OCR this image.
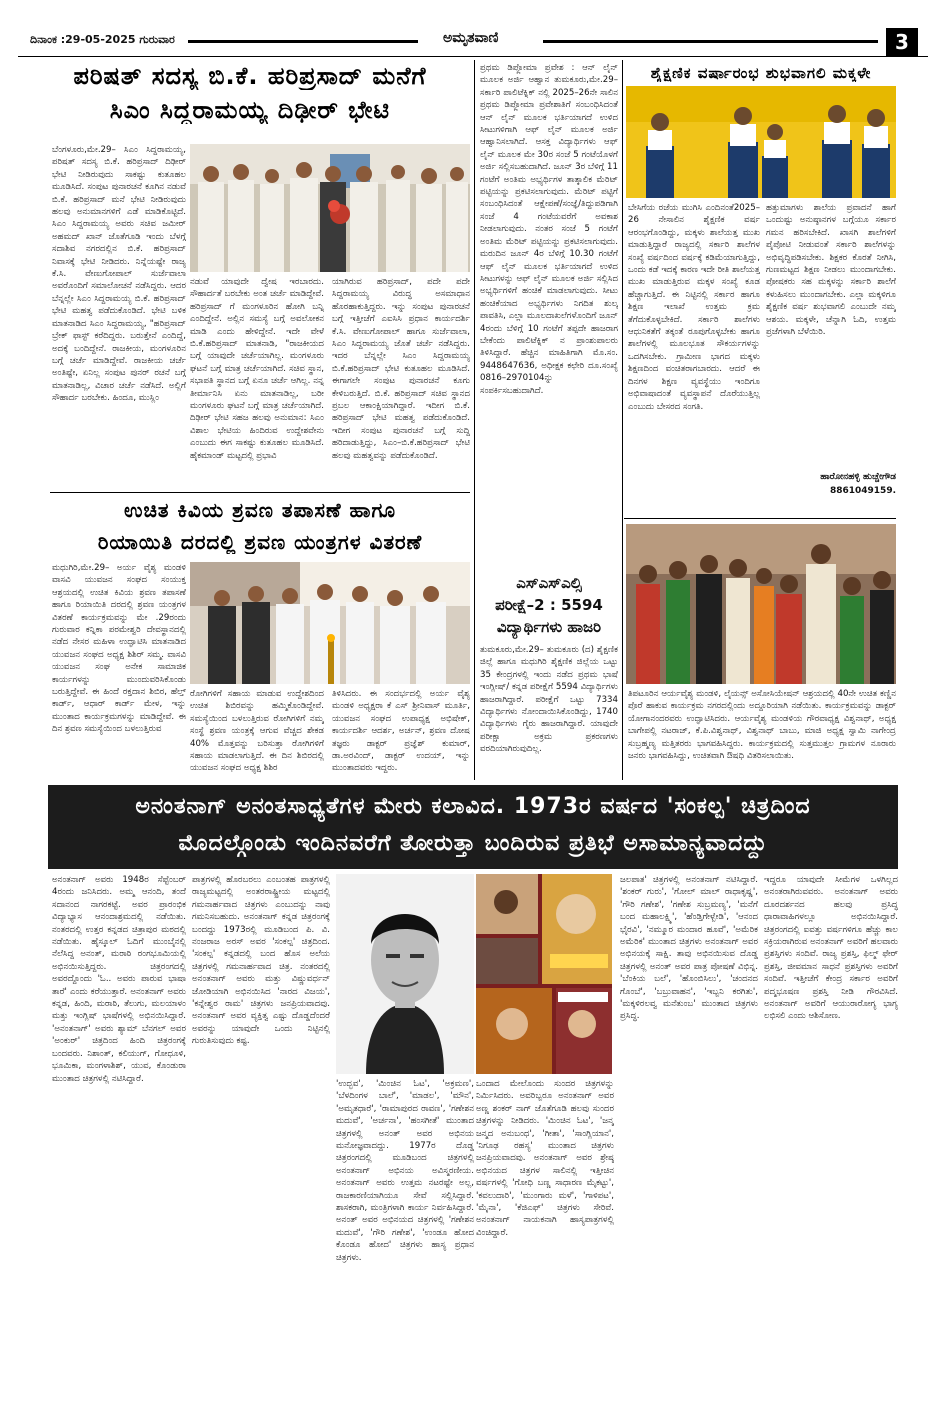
ದಿನಾಂಕ :29-05-2025 ಗುರುವಾರ	ಅಮೃತವಾಣಿ	3
ಪರಿಷತ್ ಸದಸ್ಯ ಬಿ.ಕೆ. ಹರಿಪ್ರಸಾದ್ ಮನೆಗೆ
ಸಿಎಂ ಸಿದ್ದರಾಮಯ್ಯ ದಿಢೀರ್ ಭೇಟಿ
ಬೆಂಗಳೂರು,ಮೇ.29– ಸಿಎಂ ಸಿದ್ದರಾಮಯ್ಯ, ಪರಿಷತ್ ಸದಸ್ಯ ಬಿ.ಕೆ. ಹರಿಪ್ರಸಾದ್ ದಿಢೀರ್ ಭೇಟಿ ನೀಡಿರುವುದು ಸಾಕಷ್ಟು ಕುತೂಹಲ ಮೂಡಿಸಿದೆ. ಸಂಪುಟ ಪುನಾರಚನೆ ಕೂಗಿನ ನಡುವೆ ಬಿ.ಕೆ. ಹರಿಪ್ರಸಾದ್ ಮನೆ ಭೇಟಿ ನೀಡಿರುವುದು ಹಲವು ಅನುಮಾನಗಳಿಗೆ ಎಡೆ ಮಾಡಿಕೊಟ್ಟಿದೆ. ಸಿಎಂ ಸಿದ್ದರಾಮಯ್ಯ ಅವರು ಸಚಿವ ಜಮೀರ್ ಅಹಮದ್ ಖಾನ್ ಜೊತೆಗೂಡಿ ಇಂದು ಬೆಳಗ್ಗೆ ಸದಾಶಿವ ನಗರದಲ್ಲಿನ ಬಿ.ಕೆ. ಹರಿಪ್ರಸಾದ್ ನಿವಾಸಕ್ಕೆ ಭೇಟಿ ನೀಡಿದರು. ನಿನ್ನೆಯಷ್ಟೇ ರಾಜ್ಯ ಕೆ.ಸಿ. ವೇಣುಗೋಪಾಲ್ ಸುರ್ಜೆವಾಲಾ ಅವರೊಂದಿಗೆ ಸಮಾಲೋಚನೆ ನಡೆಸಿದ್ದರು. ಆದರ ಬೆನ್ನಲ್ಲೇ ಸಿಎಂ ಸಿದ್ದರಾಮಯ್ಯ ಬಿ.ಕೆ. ಹರಿಪ್ರಸಾದ್ ಭೇಟಿ ಮಹತ್ವ ಪಡೆದುಕೊಂಡಿದೆ. ಭೇಟಿ ಬಳಿಕ ಮಾತನಾಡಿದ ಸಿಎಂ ಸಿದ್ದರಾಮಯ್ಯ, "ಹರಿಪ್ರಸಾದ್ ಬ್ರೇಕ್ ಫಾಸ್ಟ್ ಕರೆದಿದ್ದರು. ಬರುತ್ತೇನೆ ಎಂದಿದ್ದೆ, ಅದಕ್ಕೆ ಬಂದಿದ್ದೇನೆ. ರಾಜಕೀಯ, ಮಂಗಳೂರಿನ ಬಗ್ಗೆ ಚರ್ಚೆ ಮಾಡಿದ್ದೇವೆ. ರಾಜಕೀಯ ಚರ್ಚೆ ಅಂತಿಷ್ಟೇ, ಏನಿಲ್ಲ ಸಂಪುಟ ಪುನರ್ ರಚನೆ ಬಗ್ಗೆ ಮಾತನಾಡಿಲ್ಲ, ವಿಚಾರ ಚರ್ಚೆ ನಡೆಸಿದೆ. ಅಲ್ಲಿಗೆ ಸೌಹಾರ್ದ ಬರಬೇಕು. ಹಿಂದೂ, ಮುಸ್ಲಿಂ
ನಡುವೆ ಯಾವುದೇ ದ್ವೇಷ ಇರಬಾರದು. ಸೌಹಾರ್ದತೆ ಬರಬೇಕು ಅಂತ ಚರ್ಚೆ ಮಾಡಿದ್ದೇವೆ. ಹರಿಪ್ರಸಾದ್ ಗೆ ಮಂಗಳೂರಿನ ಹೋಗಿ ಬನ್ನಿ ಎಂದಿದ್ದೇನೆ. ಅಲ್ಲಿನ ಸಮಸ್ಯೆ ಬಗ್ಗೆ ಅವಲೋಕನ ಮಾಡಿ ಎಂದು ಹೇಳಿದ್ದೇನೆ. ಇದೇ ವೇಳೆ ಬಿ.ಕೆ.ಹರಿಪ್ರಸಾದ್ ಮಾತನಾಡಿ, "ರಾಜಕೀಯದ ಬಗ್ಗೆ ಯಾವುದೇ ಚರ್ಚೆಯಾಗಿಲ್ಲ. ಮಂಗಳೂರು ಘಟನೆ ಬಗ್ಗೆ ಮಾತ್ರ ಚರ್ಚೆಯಾಗಿದೆ. ಸಚಿವ ಸ್ಥಾನ, ಸಭಾಪತಿ ಸ್ಥಾನದ ಬಗ್ಗೆ ಏನೂ ಚರ್ಚೆ ಆಗಿಲ್ಲ. ನನ್ನ ತೀರ್ಮಾನಿಸಿ ಏನು ಮಾತನಾಡಿಲ್ಲ, ಬರೀ ಮಂಗಳೂರು ಘಟನೆ ಬಗ್ಗೆ ಮಾತ್ರ ಚರ್ಚೆಯಾಗಿದೆ. ದಿಢೀರ್ ಭೇಟಿ ಸಹಜ ಹಲವು ಅನುಮಾನ: ಸಿಎಂ ವಿಶಾಲ ಭೇಟಿಯ ಹಿಂದಿರುವ ಉದ್ದೇಶವೇನು ಎಂಬುದು ಈಗ ಸಾಕಷ್ಟು ಕುತೂಹಲ ಮೂಡಿಸಿದೆ. ಹೈಕಮಾಂಡ್ ಮಟ್ಟದಲ್ಲಿ ಪ್ರಭಾವಿ
ಯಾಗಿರುವ ಹರಿಪ್ರಸಾದ್, ಪದೇ ಪದೇ ಸಿದ್ದರಾಮಯ್ಯ ವಿರುದ್ಧ ಅಸಮಾಧಾನ ಹೊರಹಾಕುತ್ತಿದ್ದರು. ಇನ್ನು ಸಂಪುಟ ಪುನಾರಚನೆ ಬಗ್ಗೆ ಇತ್ತೀಚೆಗೆ ಎಐಸಿಸಿ ಪ್ರಧಾನ ಕಾರ್ಯದರ್ಶಿ ಕೆ.ಸಿ. ವೇಣುಗೋಪಾಲ್ ಹಾಗೂ ಸುರ್ಜೆವಾಲಾ, ಸಿಎಂ ಸಿದ್ದರಾಮಯ್ಯ ಜೊತೆ ಚರ್ಚೆ ನಡೆಸಿದ್ದರು. ಇದರ ಬೆನ್ನಲ್ಲೇ ಸಿಎಂ ಸಿದ್ದರಾಮಯ್ಯ ಬಿ.ಕೆ.ಹರಿಪ್ರಸಾದ್ ಭೇಟಿ ಕುತೂಹಲ ಮೂಡಿಸಿದೆ. ಈಗಾಗಲೇ ಸಂಪುಟ ಪುನಾರಚನೆ ಕೂಗು ಕೇಳಿಬರುತ್ತಿದೆ. ಬಿ.ಕೆ. ಹರಿಪ್ರಸಾದ್ ಸಚಿವ ಸ್ಥಾನದ ಪ್ರಬಲ ಆಕಾಂಕ್ಷಿಯಾಗಿದ್ದಾರೆ. ಇದೀಗ ಬಿ.ಕೆ. ಹರಿಪ್ರಸಾದ್ ಭೇಟಿ ಮಹತ್ವ ಪಡೆದುಕೊಂಡಿದೆ. ಇದೀಗ ಸಂಪುಟ ಪುನಾರಚನೆ ಬಗ್ಗೆ ಸುದ್ದಿ ಹರಿದಾಡುತ್ತಿದ್ದು, ಸಿಎಂ–ಬಿ.ಕೆ.ಹರಿಪ್ರಸಾದ್ ಭೇಟಿ ಹಲವು ಮಹತ್ವವನ್ನು ಪಡೆದುಕೊಂಡಿದೆ.
ಉಚಿತ ಕಿವಿಯ ಶ್ರವಣ ತಪಾಸಣೆ ಹಾಗೂ
ರಿಯಾಯಿತಿ ದರದಲ್ಲಿ ಶ್ರವಣ ಯಂತ್ರಗಳ ವಿತರಣೆ
ಮಧುಗಿರಿ,ಮೇ.29– ಅರ್ಯ ವೈಶ್ಯ ಮಂಡಳಿ ವಾಸವಿ ಯುವಜನ ಸಂಘದ ಸಂಯುಕ್ತ ಆಶ್ರಯದಲ್ಲಿ ಉಚಿತ ಕಿವಿಯ ಶ್ರವಣ ತಪಾಸಣೆ ಹಾಗೂ ರಿಯಾಯಿತಿ ದರದಲ್ಲಿ ಶ್ರವಣ ಯಂತ್ರಗಳ ವಿತರಣೆ ಕಾರ್ಯಕ್ರಮವನ್ನು ಮೇ .29ರಂದು ಗುರುವಾರ ಕನ್ನಿಕಾ ಪರಮೇಶ್ವರಿ ದೇವಸ್ಥಾನದಲ್ಲಿ ನಡೆದ ನೇಸರ ಮಹಿಳಾ ಉದ್ಘಾಟಿಸಿ ಮಾತನಾಡಿದ ಯುವಜನ ಸಂಘದ ಅಧ್ಯಕ್ಷ ಶಿಶಿರ್ ಸಮ್ಮ. ವಾಸವಿ ಯುವಜನ ಸಂಘ ಅನೇಕ ಸಾಮಾಜಿಕ ಕಾರ್ಯಗಳನ್ನು ಮುಂದುವರಿಸಿಕೊಂಡು ಬರುತ್ತಿದ್ದೇವೆ. ಈ ಹಿಂದೆ ರಕ್ತದಾನ ಶಿಬಿರ, ಹೆಲ್ತ್ ಕಾರ್ಡ್, ಆಧಾರ್ ಕಾರ್ಡ್ ಮೇಳ, ಇನ್ನು ಮುಂತಾದ ಕಾರ್ಯಕ್ರಮಗಳನ್ನು ಮಾಡಿದ್ದೇವೆ. ಈ ದಿನ ಶ್ರವಣ ಸಮಸ್ಯೆಯಿಂದ ಬಳಲುತ್ತಿರುವ
ರೋಗಿಗಳಿಗೆ ಸಹಾಯ ಮಾಡುವ ಉದ್ದೇಶದಿಂದ ಉಚಿತ ಶಿಬಿರವನ್ನು ಹಮ್ಮಿಕೊಂಡಿದ್ದೇವೆ. ಸಮಸ್ಯೆಯಿಂದ ಬಳಲುತ್ತಿರುವ ರೋಗಿಗಳಿಗೆ ನಮ್ಮ ಸಂಸ್ಥೆ ಶ್ರವಣ ಯಂತ್ರಕ್ಕೆ ಆಗುವ ವೆಚ್ಚದ ಶೇಕಡ 40% ಮೊತ್ತವನ್ನು ಬರಿಸುತ್ತಾ ರೋಗಿಗಳಿಗೆ ಸಹಾಯ ಮಾಡಲಾಗುತ್ತಿದೆ. ಈ ದಿನ ಶಿಬಿರದಲ್ಲಿ ಯುವಜನ ಸಂಘದ ಅಧ್ಯಕ್ಷ ಶಿಶಿರ
ತಿಳಿಸಿದರು. ಈ ಸಂದರ್ಭದಲ್ಲಿ ಅರ್ಯ ವೈಶ್ಯ ಮಂಡಳಿ ಅಧ್ಯಕ್ಷರಾ ಕೆ ಎಸ್ ಶ್ರೀನಿವಾಸ್ ಮೂರ್ತಿ, ಯುವಜನ ಸಂಘದ ಉಪಾಧ್ಯಕ್ಷ ಅಭಿಷೇಕ್, ಕಾರ್ಯದರ್ಶಿ ಆದರ್ಶ, ಅರ್ಚನ್, ಶ್ರವಣ ದೋಷ ತಜ್ಞರು ಡಾಕ್ಟರ್ ಪ್ರಜ್ಞೆಶ್ ಕುಮಾರ್, ಡಾ.ಅರವಿಂದ್, ಡಾಕ್ಟರ್ ಉದಯ್, ಇನ್ನು ಮುಂತಾದವರು ಇದ್ದರು.
ಪ್ರಥಮ ಡಿಪ್ಲೋಮಾ ಪ್ರವೇಶ : ಆನ್ ಲೈನ್ ಮೂಲಕ ಅರ್ಜಿ ಆಹ್ವಾನ ತುಮಕೂರು,ಮೇ.29– ಸರ್ಕಾರಿ ಪಾಲಿಟೆಕ್ನಿಕ್ ನಲ್ಲಿ 2025–26ನೇ ಸಾಲಿನ ಪ್ರಥಮ ಡಿಪ್ಲೋಮಾ ಪ್ರವೇಶಾತಿಗೆ ಸಂಬಂಧಿಸಿದಂತೆ ಆನ್ ಲೈನ್ ಮೂಲಕ ಭರ್ತಿಯಾಗದೆ ಉಳಿದ ಸೀಟುಗಳಿಗಾಗಿ ಆಫ್ ಲೈನ್ ಮೂಲಕ ಅರ್ಜಿ ಆಹ್ವಾನಿಸಲಾಗಿದೆ. ಆಸಕ್ತ ವಿದ್ಯಾರ್ಥಿಗಳು ಆಫ್ ಲೈನ್ ಮೂಲಕ ಮೇ 30ರ ಸಂಜೆ 5 ಗಂಟೆಯೊಳಗೆ ಅರ್ಜಿ ಸಲ್ಲಿಸಬಹುದಾಗಿದೆ. ಜೂನ್ 3ರ ಬೆಳಿಗ್ಗೆ 11 ಗಂಟೆಗೆ ಅಂತಿಮ ಅಭ್ಯರ್ಥಿಗಳ ತಾತ್ಕಾಲಿಕ ಮೆರಿಟ್ ಪಟ್ಟಿಯನ್ನು ಪ್ರಕಟಿಸಲಾಗುವುದು. ಮೆರಿಟ್ ಪಟ್ಟಿಗೆ ಸಂಬಂಧಿಸಿದಂತೆ ಆಕ್ಷೇಪಣೆ/ಸಂಜ್ಞೆ/ತಿದ್ದುಪಡಿಗಾಗಿ ಸಂಜೆ 4 ಗಂಟೆಯವರೆಗೆ ಅವಕಾಶ ನೀಡಲಾಗುವುದು. ನಂತರ ಸಂಜೆ 5 ಗಂಟೆಗೆ ಅಂತಿಮ ಮೆರಿಟ್ ಪಟ್ಟಿಯನ್ನು ಪ್ರಕಟಿಸಲಾಗುವುದು. ಮರುದಿನ ಜೂನ್ 4ರ ಬೆಳಿಗ್ಗೆ 10.30 ಗಂಟೆಗೆ ಆಫ್ ಲೈನ್ ಮೂಲಕ ಭರ್ತಿಯಾಗದೆ ಉಳಿದ ಸೀಟುಗಳನ್ನು ಆಫ್ ಲೈನ್ ಮೂಲಕ ಅರ್ಜಿ ಸಲ್ಲಿಸಿದ ಅಭ್ಯರ್ಥಿಗಳಿಗೆ ಹಂಚಿಕೆ ಮಾಡಲಾಗುವುದು. ಸೀಟು ಹಂಚಿಕೆಯಾದ ಅಭ್ಯರ್ಥಿಗಳು ನಿಗದಿತ ಶುಲ್ಕ ಪಾವತಿಸಿ, ಎಲ್ಲಾ ಮೂಲದಾಖಲೆಗಳೊಂದಿಗೆ ಜೂನ್ 4ರಂದು ಬೆಳಿಗ್ಗೆ 10 ಗಂಟೆಗೆ ತಪ್ಪದೇ ಹಾಜರಾಗ ಬೇಕೆಂದು ಪಾಲಿಟೆಕ್ನಿಕ್ ನ ಪ್ರಾಂಶುಪಾಲರು ತಿಳಿಸಿದ್ದಾರೆ. ಹೆಚ್ಚಿನ ಮಾಹಿತಿಗಾಗಿ ಮೊ.ಸಂ. 9448647636, ಅಧೀಕ್ಷಕ ಕಛೇರಿ ದೂ.ಸಂಖ್ಯೆ 0816–2970104ನ್ನು ಸಂಪರ್ಕಿಸಬಹುದಾಗಿದೆ.
ಎಸ್ಎಸ್ಎಲ್ಸಿ
ಪರೀಕ್ಷೆ–2 : 5594
ವಿದ್ಯಾರ್ಥಿಗಳು ಹಾಜರಿ
ತುಮಕೂರು,ಮೇ.29– ತುಮಕೂರು (ದ) ಶೈಕ್ಷಣಿಕ ಜಿಲ್ಲೆ ಹಾಗೂ ಮಧುಗಿರಿ ಶೈಕ್ಷಣಿಕ ಜಿಲ್ಲೆಯ ಒಟ್ಟು 35 ಕೇಂದ್ರಗಳಲ್ಲಿ ಇಂದು ನಡೆದ ಪ್ರಥಮ ಭಾಷೆ ಇಂಗ್ಲೀಷ್/ ಕನ್ನಡ ಪರೀಕ್ಷೆಗೆ 5594 ವಿದ್ಯಾರ್ಥಿಗಳು ಹಾಜರಾಗಿದ್ದಾರೆ. ಪರೀಕ್ಷೆಗೆ ಒಟ್ಟು 7334 ವಿದ್ಯಾರ್ಥಿಗಳು ನೋಂದಾಯಿಸಿಕೊಂಡಿದ್ದು, 1740 ವಿದ್ಯಾರ್ಥಿಗಳು ಗೈರು ಹಾಜರಾಗಿದ್ದಾರೆ. ಯಾವುದೇ ಪರೀಕ್ಷಾ ಅಕ್ರಮ ಪ್ರಕರಣಗಳು ವರದಿಯಾಗಿರುವುದಿಲ್ಲ.
ಶೈಕ್ಷಣಿಕ ವರ್ಷಾರಂಭ ಶುಭವಾಗಲಿ ಮಕ್ಕಳೇ
ಬೇಸಿಗೆಯ ರಜೆಯ ಮುಗಿಸಿ ಎಂದಿನಂತೆ2025–26 ನೇಸಾಲಿನ ಶೈಕ್ಷಣಿಕ ವರ್ಷ ಆರಂಭಗೊಂಡಿದ್ದು, ಮಕ್ಕಳು ಶಾಲೆಯತ್ತ ಮುಖ ಮಾಡುತ್ತಿದ್ದಾರೆ ರಾಜ್ಯದಲ್ಲಿ ಸರ್ಕಾರಿ ಶಾಲೆಗಳ ಸಂಖ್ಯೆ ವರ್ಷದಿಂದ ವರ್ಷಕ್ಕೆ ಕಡಿಮೆಯಾಗುತ್ತಿದ್ದು, ಒಂದು ಕಡೆ ಇದಕ್ಕೆ ಕಾರಣ ಇದೇ ರೀತಿ ಶಾಲೆಯತ್ತ ಮುಖ ಮಾಡುತ್ತಿರುವ ಮಕ್ಕಳ ಸಂಖ್ಯೆ ಕೂಡ ಹೆಚ್ಚಾಗುತ್ತಿದೆ. ಈ ನಿಟ್ಟಿನಲ್ಲಿ ಸರ್ಕಾರ ಹಾಗೂ ಶಿಕ್ಷಣ ಇಲಾಖೆ ಉತ್ತಮ ಕ್ರಮ ತೆಗೆದುಕೊಳ್ಳಬೇಕಿದೆ. ಸರ್ಕಾರಿ ಶಾಲೆಗಳು ಆಧುನಿಕತೆಗೆ ತಕ್ಕಂತೆ ರೂಪುಗೊಳ್ಳಬೇಕು ಹಾಗೂ ಶಾಲೆಗಳಲ್ಲಿ ಮೂಲಭೂತ ಸೌಕರ್ಯಗಳನ್ನು ಒದಗಿಸಬೇಕು. ಗ್ರಾಮೀಣ ಭಾಗದ ಮಕ್ಕಳು ಶಿಕ್ಷಣದಿಂದ ವಂಚಿತರಾಗಬಾರದು. ಆದರೆ ಈ ದಿನಗಳ ಶಿಕ್ಷಣ ವ್ಯವಸ್ಥೆಯು ಇಂದಿಗೂ ಅಭಿವಾಷಾದಂತೆ ವ್ಯವಸ್ಥಾಪನೆ ದೊರೆಯುತ್ತಿಲ್ಲ ಎಂಬುದು ಬೇಸರದ ಸಂಗತಿ.
ಹತ್ತುಮಾಗಳು ಶಾಲೆಯ ಪ್ರವಾದನೆ ಹಾಗೆ ಒಂದುಷ್ಟು ಅನುಷ್ಠಾನಗಳ ಬಗ್ಗೆಯೂ ಸರ್ಕಾರ ಗಮನ ಹರಿಸಬೇಕಿದೆ. ಖಾಸಗಿ ಶಾಲೆಗಳಿಗೆ ಪೈಪೋಟಿ ನೀಡುವಂತೆ ಸರ್ಕಾರಿ ಶಾಲೆಗಳನ್ನು ಅಭಿವೃದ್ಧಿಪಡಿಸಬೇಕು. ಶಿಕ್ಷಕರ ಕೊರತೆ ನೀಗಿಸಿ, ಗುಣಮಟ್ಟದ ಶಿಕ್ಷಣ ನೀಡಲು ಮುಂದಾಗಬೇಕು. ಪೋಷಕರು ಸಹ ಮಕ್ಕಳನ್ನು ಸರ್ಕಾರಿ ಶಾಲೆಗೆ ಕಳುಹಿಸಲು ಮುಂದಾಗಬೇಕು. ಎಲ್ಲಾ ಮಕ್ಕಳಿಗೂ ಶೈಕ್ಷಣಿಕ ವರ್ಷ ಶುಭವಾಗಲಿ ಎಂಬುದೇ ನಮ್ಮ ಆಶಯ. ಮಕ್ಕಳೇ, ಚೆನ್ನಾಗಿ ಓದಿ, ಉತ್ತಮ ಪ್ರಜೆಗಳಾಗಿ ಬೆಳೆಯಿರಿ.
ಹಾರೋನಹಳ್ಳಿ ಹುಚ್ಚೇಗೌಡ
8861049159.
ತಿಪಟೂರಿನ ಆರ್ಯವೈಶ್ಯ ಮಂಡಳಿ, ಲೈಯನ್ಸ್ ಅಸೋಸಿಯೇಷನ್ ಆಶ್ರಯದಲ್ಲಿ 40ನೇ ಉಚಿತ ಕಣ್ಣಿನ ಪೊರೆ ಹಾಕುವ ಕಾರ್ಯಕ್ರಮ ನಗರದಲ್ಲಿಂದು ಅದ್ದೂರಿಯಾಗಿ ನಡೆಯಿತು. ಕಾರ್ಯಕ್ರಮವನ್ನು ಡಾಕ್ಟರ್ ಯೋಗಾನಂದರವರು ಉದ್ಘಾಟಿಸಿದರು. ಆರ್ಯವೈಶ್ಯ ಮಂಡಳಿಯ ಗೌರವಾಧ್ಯಕ್ಷ ವಿಶ್ವನಾಥ್, ಅಧ್ಯಕ್ಷ ಬಾಗೇಪಲ್ಲಿ ನಟರಾಜ್, ಕೆ.ಪಿ.ವಿಶ್ವನಾಥ್, ವಿಶ್ವನಾಥ್ ಬಾಬು, ಮಾಜಿ ಅಧ್ಯಕ್ಷ ಸ್ವಾಮಿ ನಾಗೇಂದ್ರ ಸುಬ್ರಹ್ಮಣ್ಯ ಮತ್ತಿತರರು ಭಾಗವಹಿಸಿದ್ದರು. ಕಾರ್ಯಕ್ರಮದಲ್ಲಿ ಸುತ್ತಮುತ್ತಲ ಗ್ರಾಮಗಳ ನೂರಾರು ಜನರು ಭಾಗವಹಿಸಿದ್ದು, ಉಚಿತವಾಗಿ ಔಷಧಿ ವಿತರಿಸಲಾಯಿತು.
ಅನಂತನಾಗ್ ಅನಂತಸಾಧ್ಯತೆಗಳ ಮೇರು ಕಲಾವಿದ. 1973ರ ವರ್ಷದ 'ಸಂಕಲ್ಪ' ಚಿತ್ರದಿಂದ
ಮೊದಲ್ಗೊಂಡು ಇಂದಿನವರೆಗೆ ತೋರುತ್ತಾ ಬಂದಿರುವ ಪ್ರತಿಭೆ ಅಸಾಮಾನ್ಯವಾದದ್ದು
ಅನಂತನಾಗ್ ಅವರು 1948ರ ಸೆಪ್ಟೆಂಬರ್ 4ರಂದು ಜನಿಸಿದರು. ಅಮ್ಮ ಆನಂದಿ, ತಂದೆ ಸದಾನಂದ ನಾಗರಕಟ್ಟೆ. ಅವರ ಪ್ರಾರಂಭಿಕ ವಿದ್ಯಾಭ್ಯಾಸ ಆನಂದಾಶ್ರಮದಲ್ಲಿ ನಡೆಯಿತು. ನಂತರದಲ್ಲಿ ಉತ್ತರ ಕನ್ನಡದ ಚಿತ್ರಾಪುರ ಮಠದಲ್ಲಿ ನಡೆಯಿತು. ಹೈಸ್ಕೂಲ್ ಓದಿಗೆ ಮುಂಬೈನಲ್ಲಿ ನೆಲೆಸಿದ್ದ ಅನಂತ್, ಮರಾಠಿ ರಂಗಭೂಮಿಯಲ್ಲಿ ಅಭಿನಯಿಸುತ್ತಿದ್ದರು. ಚಿತ್ರರಂಗದಲ್ಲಿ ಅವರದ್ದೊಂದು 'ಓ.. ಅವರು ಪಾರುವ ಭಾಷಾ ತಾರೆ' ಎಂದು ಕರೆಯುತ್ತಾರೆ. ಅನಂತನಾಗ್ ಅವರು ಕನ್ನಡ, ಹಿಂದಿ, ಮರಾಠಿ, ತೆಲುಗು, ಮಲಯಾಳಂ ಮತ್ತು ಇಂಗ್ಲಿಷ್ ಭಾಷೆಗಳಲ್ಲಿ ಅಭಿನಯಿಸಿದ್ದಾರೆ. 'ಅನಂತನಾಗ್' ಅವರು ಶ್ಯಾಮ್ ಬೆನಗಲ್ ಅವರ 'ಅಂಕುರ್' ಚಿತ್ರದಿಂದ ಹಿಂದಿ ಚಿತ್ರರಂಗಕ್ಕೆ ಬಂದವರು. ನಿಶಾಂತ್, ಕಲಿಯುಗ್, ಗೋಧೂಳಿ, ಭೂಮಿಕಾ, ಮಂಗಳಾಶಿಶ್, ಯುವ, ಕೊಂಡುರಾ ಮುಂತಾದ ಚಿತ್ರಗಳಲ್ಲಿ ನಟಿಸಿದ್ದಾರೆ.
ಪಾತ್ರಗಳಲ್ಲಿ ಹೊರಬರಲು ಎಂಬಂತಹ ಪಾತ್ರಗಳಲ್ಲಿ ರಾಜ್ಯಮಟ್ಟದಲ್ಲಿ ಅಂತರರಾಷ್ಟ್ರೀಯ ಮಟ್ಟದಲ್ಲಿ ಗಮನಾರ್ಹವಾದ ಚಿತ್ರಗಳು ಎಂಬುದನ್ನು ನಾವು ಗಮನಿಸಬಹುದು. ಅನಂತನಾಗ್ ಕನ್ನಡ ಚಿತ್ರರಂಗಕ್ಕೆ ಬಂದದ್ದು 1973ರಲ್ಲಿ ಮೂಡಿಬಂದ ಪಿ. ವಿ. ನಂಜರಾಜ ಅರಸ್ ಅವರ 'ಸಂಕಲ್ಪ' ಚಿತ್ರದಿಂದ. 'ಸಂಕಲ್ಪ' ಕನ್ನಡದಲ್ಲಿ ಬಂದ ಹೊಸ ಅಲೆಯ ಚಿತ್ರಗಳಲ್ಲಿ ಗಮನಾರ್ಹವಾದ ಚಿತ್ರ. ನಂತರದಲ್ಲಿ ಅನಂತನಾಗ್ ಅವರು ಮತ್ತು ವಿಷ್ಣುವರ್ಧನ್ ಜೋಡಿಯಾಗಿ ಅಭಿನಯಿಸಿದ 'ನಾರದ ವಿಜಯ', 'ಕನ್ನೇಶ್ವರ ರಾಮ' ಚಿತ್ರಗಳು ಜನಪ್ರಿಯವಾದವು. ಅನಂತನಾಗ್ ಅವರ ವ್ಯಕ್ತಿತ್ವ ಎಷ್ಟು ದೊಡ್ಡದೆಂದರೆ ಅವರನ್ನು ಯಾವುದೇ ಒಂದು ನಿಟ್ಟಿನಲ್ಲಿ ಗುರುತಿಸುವುದು ಕಷ್ಟ.
'ಉದ್ಭವ', 'ಮಿಂಚಿನ ಓಟ', 'ಅಕ್ರಮಣ', 'ಬೆಳದಿಂಗಳ ಬಾಲೆ', 'ಮಾಡಲ', 'ಮೌನ', 'ಅಮೃತಧಾರೆ', 'ರಾಮಾಪುರದ ರಾವಣ', 'ಗಣೇಶನ ಮದುವೆ', 'ಅರ್ಚನಾ', 'ಹಂಸಗೀತೆ' ಮುಂತಾದ ಚಿತ್ರಗಳಲ್ಲಿ ಅನಂತ್ ಅವರ ಅಭಿನಯ ಮನೋಜ್ಞವಾದದ್ದು. 1977ರ ದೊಡ್ಡ ಚಿತ್ರರಂಗದಲ್ಲಿ ಮೂಡಿಬಂದ ಚಿತ್ರಗಳಲ್ಲಿ ಅನಂತನಾಗ್ ಅಭಿನಯ ಅವಿಸ್ಮರಣೀಯ. ಅನಂತನಾಗ್ ಅವರು ಉತ್ತಮ ನಟರಷ್ಟೇ ಅಲ್ಲ, ರಾಜಕಾರಣಿಯಾಗಿಯೂ ಸೇವೆ ಸಲ್ಲಿಸಿದ್ದಾರೆ. ಶಾಸಕರಾಗಿ, ಮಂತ್ರಿಗಳಾಗಿ ಕಾರ್ಯ ನಿರ್ವಹಿಸಿದ್ದಾರೆ. ಅನಂತ್ ಅವರ ಅಭಿನಯದ ಚಿತ್ರಗಳಲ್ಲಿ 'ಗಣೇಶನ ಮದುವೆ', 'ಗೌರಿ ಗಣೇಶ', 'ಉಂಡೂ ಹೋದ ಕೊಂಡೂ ಹೋದ' ಚಿತ್ರಗಳು ಹಾಸ್ಯ ಪ್ರಧಾನ ಚಿತ್ರಗಳು.
ಒಂದಾದ ಮೇಲೊಂದು ಸುಂದರ ಚಿತ್ರಗಳನ್ನು ನಿರ್ಮಿಸಿದರು. ಅವರಿಬ್ಬರೂ ಅನಂತನಾಗ್ ಅವರ ಅಣ್ಣ ಶಂಕರ್ ನಾಗ್ ಜೊತೆಗೂಡಿ ಹಲವು ಸುಂದರ ಚಿತ್ರಗಳನ್ನು ನೀಡಿದರು. 'ಮಿಂಚಿನ ಓಟ', 'ಜನ್ಮ ಜನ್ಮದ ಅನುಬಂಧ', 'ಗೀತಾ', 'ಸಾಂಗ್ಲಿಯಾನ', 'ನಿಗೂಢ ರಹಸ್ಯ' ಮುಂತಾದ ಚಿತ್ರಗಳು ಜನಪ್ರಿಯವಾದವು. ಅನಂತನಾಗ್ ಅವರ ಶ್ರೇಷ್ಠ ಅಭಿನಯದ ಚಿತ್ರಗಳ ಸಾಲಿನಲ್ಲಿ ಇತ್ತೀಚಿನ ವರ್ಷಗಳಲ್ಲಿ 'ಗೋಧಿ ಬಣ್ಣ ಸಾಧಾರಣ ಮೈಕಟ್ಟು', 'ಕವಲುದಾರಿ', 'ಮುಂಗಾರು ಮಳೆ', 'ಗಾಳಿಪಟ', 'ಮೈನಾ', 'ಕೆಜಿಎಫ್' ಚಿತ್ರಗಳು ಸೇರಿವೆ. ಅನಂತನಾಗ್ ನಾಯಕನಾಗಿ ಹಾಸ್ಯಪಾತ್ರಗಳಲ್ಲಿ ವಿಂಚಿದ್ದಾರೆ.
ಜಲಪಾತ' ಚಿತ್ರಗಳಲ್ಲಿ ಅನಂತನಾಗ್ ನಟಿಸಿದ್ದಾರೆ. 'ಶಂಕರ್ ಗುರು', 'ಗೋಲ್ ಮಾಲ್ ರಾಧಾಕೃಷ್ಣ', 'ಗೌರಿ ಗಣೇಶ', 'ಗಣೇಶ ಸುಬ್ರಮಣ್ಯ', 'ಮನೆಗೆ ಬಂದ ಮಹಾಲಕ್ಷ್ಮಿ', 'ಹೆಂಡ್ತಿಗೇಳ್ಬೇಡಿ', 'ಆನಂದ ಭೈರವಿ', 'ನಮ್ಮೂರ ಮಂದಾರ ಹೂವೆ', 'ಅಮೆರಿಕ ಅಮೆರಿಕ' ಮುಂತಾದ ಚಿತ್ರಗಳು ಅನಂತನಾಗ್ ಅವರ ಅಭಿನಯಕ್ಕೆ ಸಾಕ್ಷಿ. ತಾವು ಅಭಿನಯಿಸುವ ದೊಡ್ಡ ಚಿತ್ರಗಳಲ್ಲಿ ಅನಂತ್ ಅವರ ಪಾತ್ರ ಪೋಷಣೆ ವಿಭಿನ್ನ. 'ಬೆಂಕಿಯ ಬಲೆ', 'ಹೊಂಬಿಸಿಲು', 'ಚಂದನದ ಗೊಂಬೆ', 'ಬಬ್ರುವಾಹನ', 'ಇಬ್ಬನಿ ಕರಗಿತು', 'ಮಕ್ಕಳಿರಲವ್ವ ಮನೆತುಂಬ' ಮುಂತಾದ ಚಿತ್ರಗಳು ಪ್ರಸಿದ್ಧ.
ಇದ್ದರೂ ಯಾವುದೇ ಸೀಮೆಗಳ ಒಳಗಿಲ್ಲದ ಅನಂತರಾಗಿರುವವರು. ಅನಂತನಾಗ್ ಅವರು ದೂರದರ್ಶನದ ಹಲವು ಪ್ರಸಿದ್ಧ ಧಾರಾವಾಹಿಗಳಲ್ಲೂ ಅಭಿನಯಿಸಿದ್ದಾರೆ. ಚಿತ್ರರಂಗದಲ್ಲಿ ಐವತ್ತು ವರ್ಷಗಳಿಗೂ ಹೆಚ್ಚು ಕಾಲ ಸಕ್ರಿಯರಾಗಿರುವ ಅನಂತನಾಗ್ ಅವರಿಗೆ ಹಲವಾರು ಪ್ರಶಸ್ತಿಗಳು ಸಂದಿವೆ. ರಾಜ್ಯ ಪ್ರಶಸ್ತಿ, ಫಿಲ್ಮ್ ಫೇರ್ ಪ್ರಶಸ್ತಿ, ಜೀವಮಾನ ಸಾಧನೆ ಪ್ರಶಸ್ತಿಗಳು ಅವರಿಗೆ ಸಂದಿವೆ. ಇತ್ತೀಚೆಗೆ ಕೇಂದ್ರ ಸರ್ಕಾರ ಅವರಿಗೆ ಪದ್ಮಭೂಷಣ ಪ್ರಶಸ್ತಿ ನೀಡಿ ಗೌರವಿಸಿದೆ. ಅನಂತನಾಗ್ ಅವರಿಗೆ ಆಯುರಾರೋಗ್ಯ ಭಾಗ್ಯ ಲಭಿಸಲಿ ಎಂದು ಆಶಿಸೋಣ.
